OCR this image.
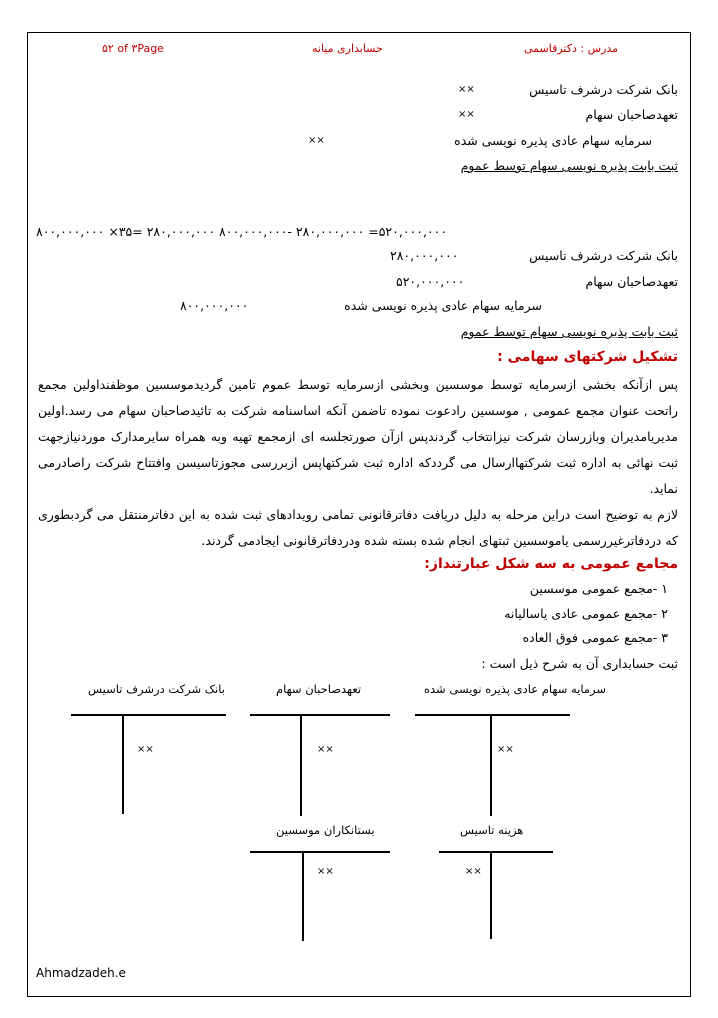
مدرس : دکترقاسمی
حسابداری میانه
۵۲ of ۳Page
بانک شرکت درشرف تاسیس
××
تعهدصاحبان سهام
××
سرمایه سهام عادی پذیره نویسی شده
××
ثبت بابت پذیره نویسی سهام توسط عموم
۸۰۰,۰۰۰,۰۰۰ ×۳۵= ۲۸۰,۰۰۰,۰۰۰ ۸۰۰,۰۰۰,۰۰۰- ۲۸۰,۰۰۰,۰۰۰ =۵۲۰,۰۰۰,۰۰۰
بانک شرکت درشرف تاسیس
۲۸۰,۰۰۰,۰۰۰
تعهدصاحبان سهام
۵۲۰,۰۰۰,۰۰۰
سرمایه سهام عادی پذیره نویسی شده
۸۰۰,۰۰۰,۰۰۰
ثبت بابت پذیره نویسی سهام توسط عموم
تشکیل شرکتهای سهامی :
پس ازآنکه بخشی ازسرمایه توسط موسسین وبخشی ازسرمایه توسط عموم تامین گردیدموسسین موظفنداولین مجمع راتحت عنوان مجمع عمومی , موسسین رادعوت نموده تاضمن آنکه اساسنامه شرکت به تائیدصاحبان سهام می رسد.اولین مدیریامدیران وبازرسان شرکت نیزانتخاب گردندپس ازآن صورتجلسه ای ازمجمع تهیه وبه همراه سایرمدارک موردنیازجهت ثبت نهائی به اداره ثبت شرکتهاارسال می گرددکه اداره ثبت شرکتهاپس ازبررسی مجوزتاسیسن وافتتاح شرکت راصادرمی نماید.
لازم به توضیح است دراین مرحله به دلیل دریافت دفاترقانونی تمامی رویدادهای ثبت شده به این دفاترمنتقل می گردبطوری که دردفاترغیررسمی یاموسسین ثبتهای انجام شده بسته شده ودردفاترقانونی ایجادمی گردند.
مجامع عمومی به سه شکل عبارتنداز:
۱ -مجمع عمومی موسسین
۲ -مجمع عمومی عادی یاسالیانه
۳ -مجمع عمومی فوق العاده
ثبت حسابداری آن به شرح ذیل است :
سرمایه سهام عادی پذیره نویسی شده
××
تعهدصاحبان سهام
××
بانک شرکت درشرف تاسیس
××
هزینه تاسیس
××
بستانکاران موسسین
××
Ahmadzadeh.e
